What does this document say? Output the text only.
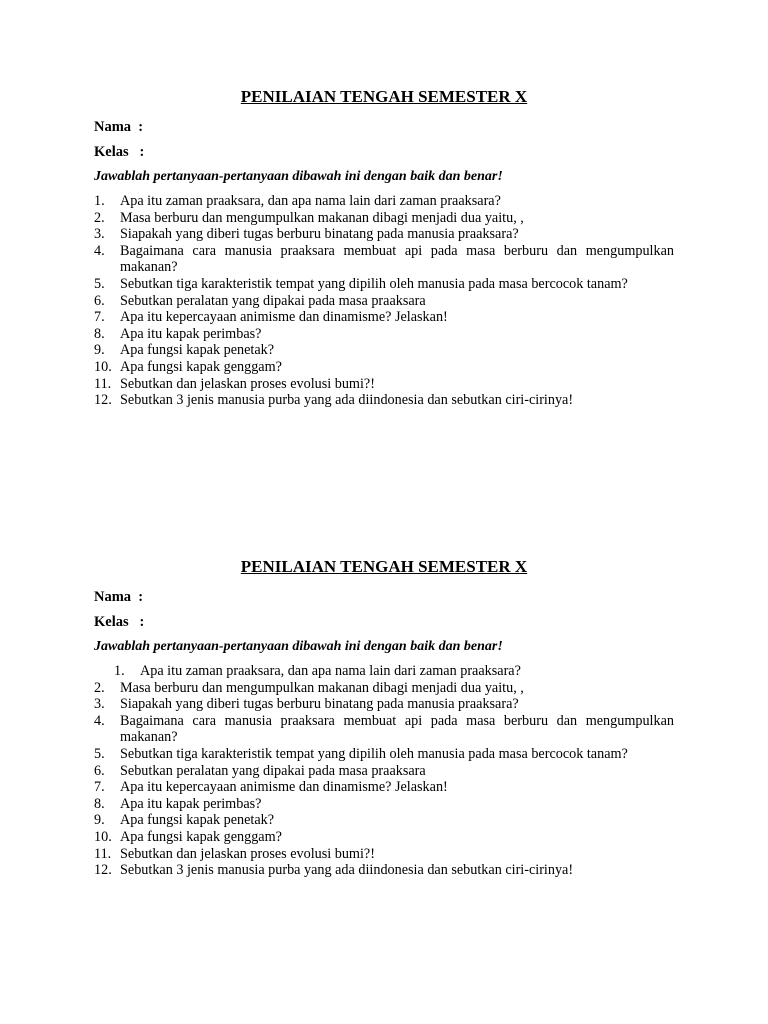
PENILAIAN TENGAH SEMESTER X
Nama  :
Kelas   :
Jawablah pertanyaan-pertanyaan dibawah ini dengan baik dan benar!
1.	Apa itu zaman praaksara, dan apa nama lain dari zaman praaksara?
2.	Masa berburu dan mengumpulkan makanan dibagi menjadi dua yaitu, ,
3.	Siapakah yang diberi tugas berburu binatang pada manusia praaksara?
4.	Bagaimana cara manusia praaksara membuat api pada masa berburu dan mengumpulkan makanan?
5.	Sebutkan tiga karakteristik tempat yang dipilih oleh manusia pada masa bercocok tanam?
6.	Sebutkan peralatan yang dipakai pada masa praaksara
7.	Apa itu kepercayaan animisme dan dinamisme? Jelaskan!
8.	Apa itu kapak perimbas?
9.	Apa fungsi kapak penetak?
10. Apa fungsi kapak genggam?
11. Sebutkan dan jelaskan proses evolusi bumi?!
12. Sebutkan 3 jenis manusia purba yang ada diindonesia dan sebutkan ciri-cirinya!
PENILAIAN TENGAH SEMESTER X
Nama  :
Kelas   :
Jawablah pertanyaan-pertanyaan dibawah ini dengan baik dan benar!
1.	Apa itu zaman praaksara, dan apa nama lain dari zaman praaksara?
2.	Masa berburu dan mengumpulkan makanan dibagi menjadi dua yaitu, ,
3.	Siapakah yang diberi tugas berburu binatang pada manusia praaksara?
4.	Bagaimana cara manusia praaksara membuat api pada masa berburu dan mengumpulkan makanan?
5.	Sebutkan tiga karakteristik tempat yang dipilih oleh manusia pada masa bercocok tanam?
6.	Sebutkan peralatan yang dipakai pada masa praaksara
7.	Apa itu kepercayaan animisme dan dinamisme? Jelaskan!
8.	Apa itu kapak perimbas?
9.	Apa fungsi kapak penetak?
10. Apa fungsi kapak genggam?
11. Sebutkan dan jelaskan proses evolusi bumi?!
12. Sebutkan 3 jenis manusia purba yang ada diindonesia dan sebutkan ciri-cirinya!
